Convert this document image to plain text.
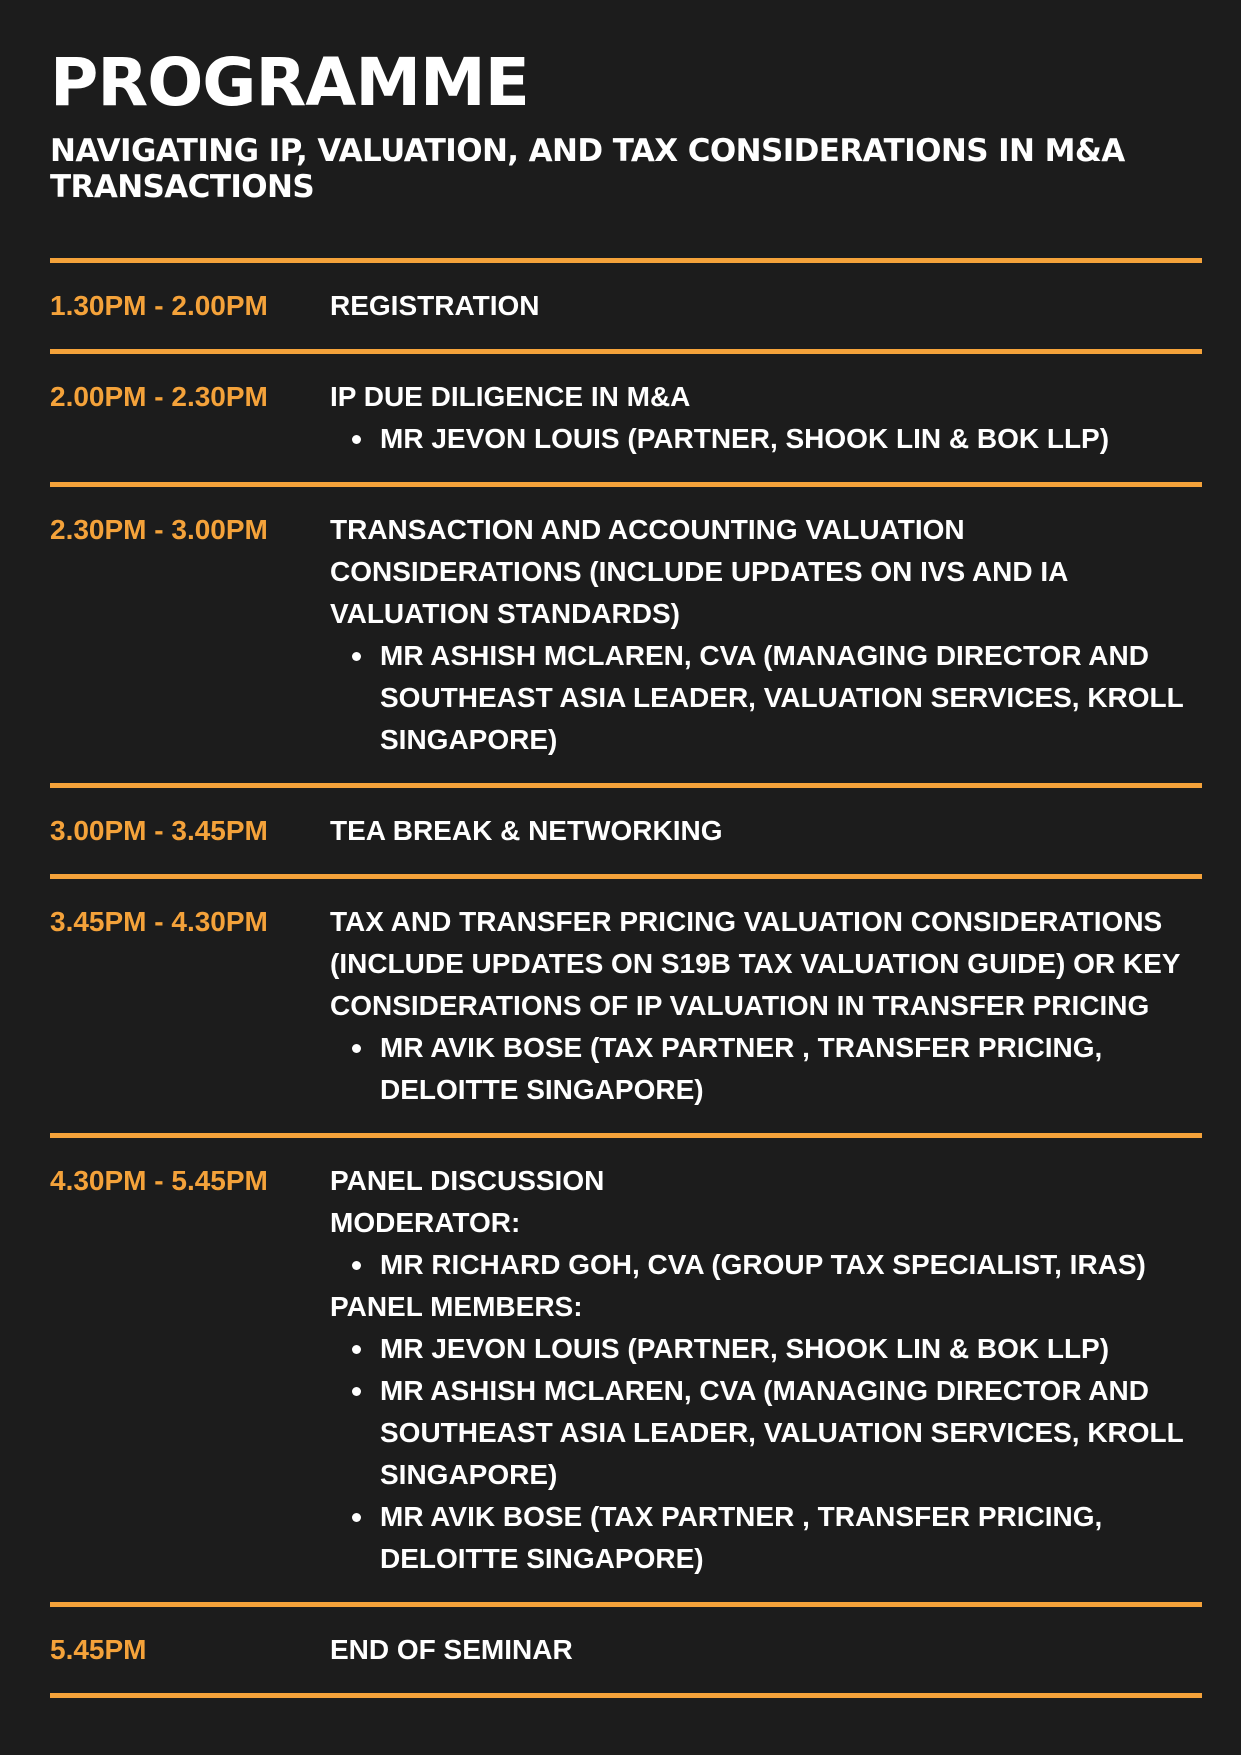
PROGRAMME
NAVIGATING IP, VALUATION, AND TAX CONSIDERATIONS IN M&A TRANSACTIONS
1.30PM - 2.00PM	REGISTRATION
2.00PM - 2.30PM	IP DUE DILIGENCE IN M&A
MR JEVON LOUIS (PARTNER, SHOOK LIN & BOK LLP)
2.30PM - 3.00PM	TRANSACTION AND ACCOUNTING VALUATION CONSIDERATIONS (INCLUDE UPDATES ON IVS AND IA VALUATION STANDARDS)
MR ASHISH MCLAREN, CVA (MANAGING DIRECTOR AND SOUTHEAST ASIA LEADER, VALUATION SERVICES, KROLL SINGAPORE)
3.00PM - 3.45PM	TEA BREAK & NETWORKING
3.45PM - 4.30PM	TAX AND TRANSFER PRICING VALUATION CONSIDERATIONS (INCLUDE UPDATES ON S19B TAX VALUATION GUIDE) OR KEY CONSIDERATIONS OF IP VALUATION IN TRANSFER PRICING
MR AVIK BOSE (TAX PARTNER , TRANSFER PRICING, DELOITTE SINGAPORE)
4.30PM - 5.45PM	PANEL DISCUSSION
MODERATOR:
MR RICHARD GOH, CVA (GROUP TAX SPECIALIST, IRAS)
PANEL MEMBERS:
MR JEVON LOUIS (PARTNER, SHOOK LIN & BOK LLP)
MR ASHISH MCLAREN, CVA (MANAGING DIRECTOR AND SOUTHEAST ASIA LEADER, VALUATION SERVICES, KROLL SINGAPORE)
MR AVIK BOSE (TAX PARTNER , TRANSFER PRICING, DELOITTE SINGAPORE)
5.45PM	END OF SEMINAR
